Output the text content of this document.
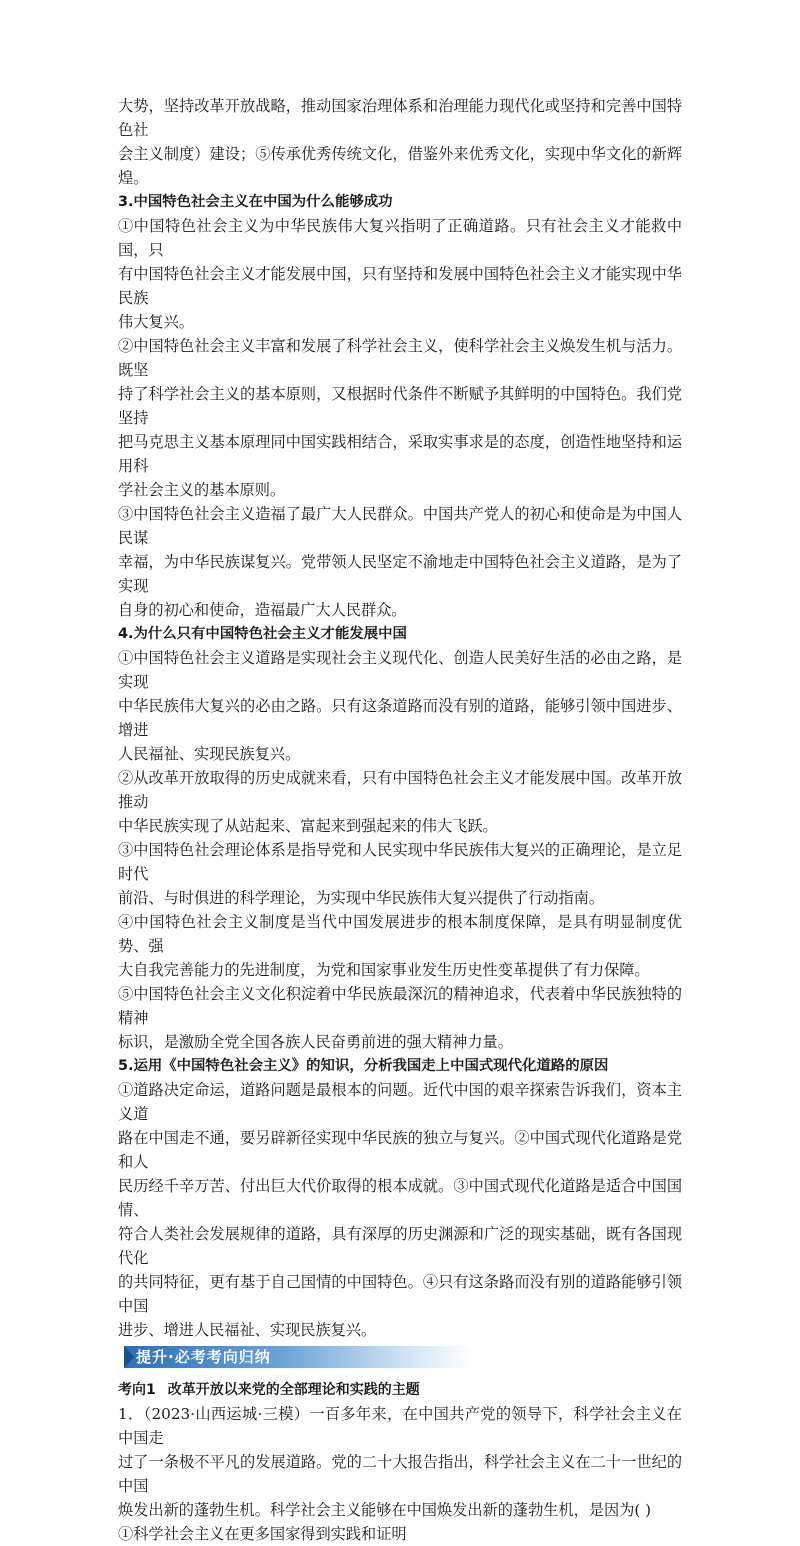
大势，坚持改革开放战略，推动国家治理体系和治理能力现代化或坚持和完善中国特色社

会主义制度）建设；⑤传承优秀传统文化，借鉴外来优秀文化，实现中华文化的新辉煌。

3.中国特色社会主义在中国为什么能够成功

①中国特色社会主义为中华民族伟大复兴指明了正确道路。只有社会主义才能救中国，只

有中国特色社会主义才能发展中国，只有坚持和发展中国特色社会主义才能实现中华民族

伟大复兴。

②中国特色社会主义丰富和发展了科学社会主义，使科学社会主义焕发生机与活力。既坚

持了科学社会主义的基本原则，又根据时代条件不断赋予其鲜明的中国特色。我们党坚持

把马克思主义基本原理同中国实践相结合，采取实事求是的态度，创造性地坚持和运用科

学社会主义的基本原则。

③中国特色社会主义造福了最广大人民群众。中国共产党人的初心和使命是为中国人民谋

幸福，为中华民族谋复兴。党带领人民坚定不渝地走中国特色社会主义道路，是为了实现

自身的初心和使命，造福最广大人民群众。

4.为什么只有中国特色社会主义才能发展中国

①中国特色社会主义道路是实现社会主义现代化、创造人民美好生活的必由之路，是实现

中华民族伟大复兴的必由之路。只有这条道路而没有别的道路，能够引领中国进步、增进

人民福祉、实现民族复兴。

②从改革开放取得的历史成就来看，只有中国特色社会主义才能发展中国。改革开放推动

中华民族实现了从站起来、富起来到强起来的伟大飞跃。

③中国特色社会理论体系是指导党和人民实现中华民族伟大复兴的正确理论，是立足时代

前沿、与时俱进的科学理论，为实现中华民族伟大复兴提供了行动指南。

④中国特色社会主义制度是当代中国发展进步的根本制度保障，是具有明显制度优势、强

大自我完善能力的先进制度，为党和国家事业发生历史性变革提供了有力保障。

⑤中国特色社会主义文化积淀着中华民族最深沉的精神追求，代表着中华民族独特的精神

标识，是激励全党全国各族人民奋勇前进的强大精神力量。

5.运用《中国特色社会主义》的知识，分析我国走上中国式现代化道路的原因

①道路决定命运，道路问题是最根本的问题。近代中国的艰辛探索告诉我们，资本主义道

路在中国走不通，要另辟新径实现中华民族的独立与复兴。②中国式现代化道路是党和人

民历经千辛万苦、付出巨大代价取得的根本成就。③中国式现代化道路是适合中国国情、

符合人类社会发展规律的道路，具有深厚的历史渊源和广泛的现实基础，既有各国现代化

的共同特征，更有基于自己国情的中国特色。④只有这条路而没有别的道路能够引领中国

进步、增进人民福祉、实现民族复兴。

提升·必考考向归纳

考向1 改革开放以来党的全部理论和实践的主题

1．（2023·山西运城·三模）一百多年来，在中国共产党的领导下，科学社会主义在中国走

过了一条极不平凡的发展道路。党的二十大报告指出，科学社会主义在二十一世纪的中国

焕发出新的蓬勃生机。科学社会主义能够在中国焕发出新的蓬勃生机，是因为( )

①科学社会主义在更多国家得到实践和证明
